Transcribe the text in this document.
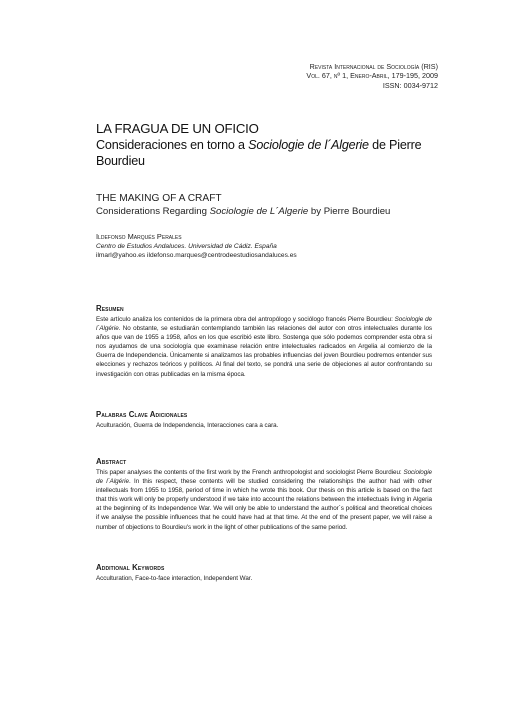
Revista Internacional de Sociología (RIS)
Vol. 67, nº 1, Enero-Abril, 179-195, 2009
ISSN: 0034-9712
LA FRAGUA DE UN OFICIO
Consideraciones en torno a Sociologie de l´Algerie de Pierre Bourdieu
THE MAKING OF A CRAFT
Considerations Regarding Sociologie de L´Algerie by Pierre Bourdieu
Ildefonso Marqués Perales
Centro de Estudios Andaluces. Universidad de Cádiz. España
ilmarl@yahoo.es ildefonso.marques@centrodeestudiosandaluces.es
Resumen

Este artículo analiza los contenidos de la primera obra del antropólogo y sociólogo francés Pierre Bourdieu: Sociologie de l´Algérie. No obstante, se estudiarán contemplando también las relaciones del autor con otros intelectuales durante los años que van de 1955 a 1958, años en los que escribió este libro. Sostenga que sólo podemos comprender esta obra si nos ayudamos de una sociología que examinase relación entre intelectuales radicados en Argelia al comienzo de la Guerra de Independencia. Únicamente si analizamos las probables influencias del joven Bourdieu podremos entender sus elecciones y rechazos teóricos y políticos. Al final del texto, se pondrá una serie de objeciones al autor confrontando su investigación con otras publicadas en la misma época.

Palabras Clave Adicionales

Aculturación, Guerra de Independencia, Interacciones cara a cara.

Abstract

This paper analyses the contents of the first work by the French anthropologist and sociologist Pierre Bourdieu: Sociologie de l´Algérie. In this respect, these contents will be studied considering the relationships the author had with other intellectuals from 1955 to 1958, period of time in which he wrote this book. Our thesis on this article is based on the fact that this work will only be properly understood if we take into account the relations between the intellectuals living in Algeria at the beginning of its Independence War. We will only be able to understand the author´s political and theoretical choices if we analyse the possible influences that he could have had at that time. At the end of the present paper, we will raise a number of objections to Bourdieu's work in the light of other publications of the same period.

Additional Keywords

Acculturation, Face-to-face interaction, Independent War.
